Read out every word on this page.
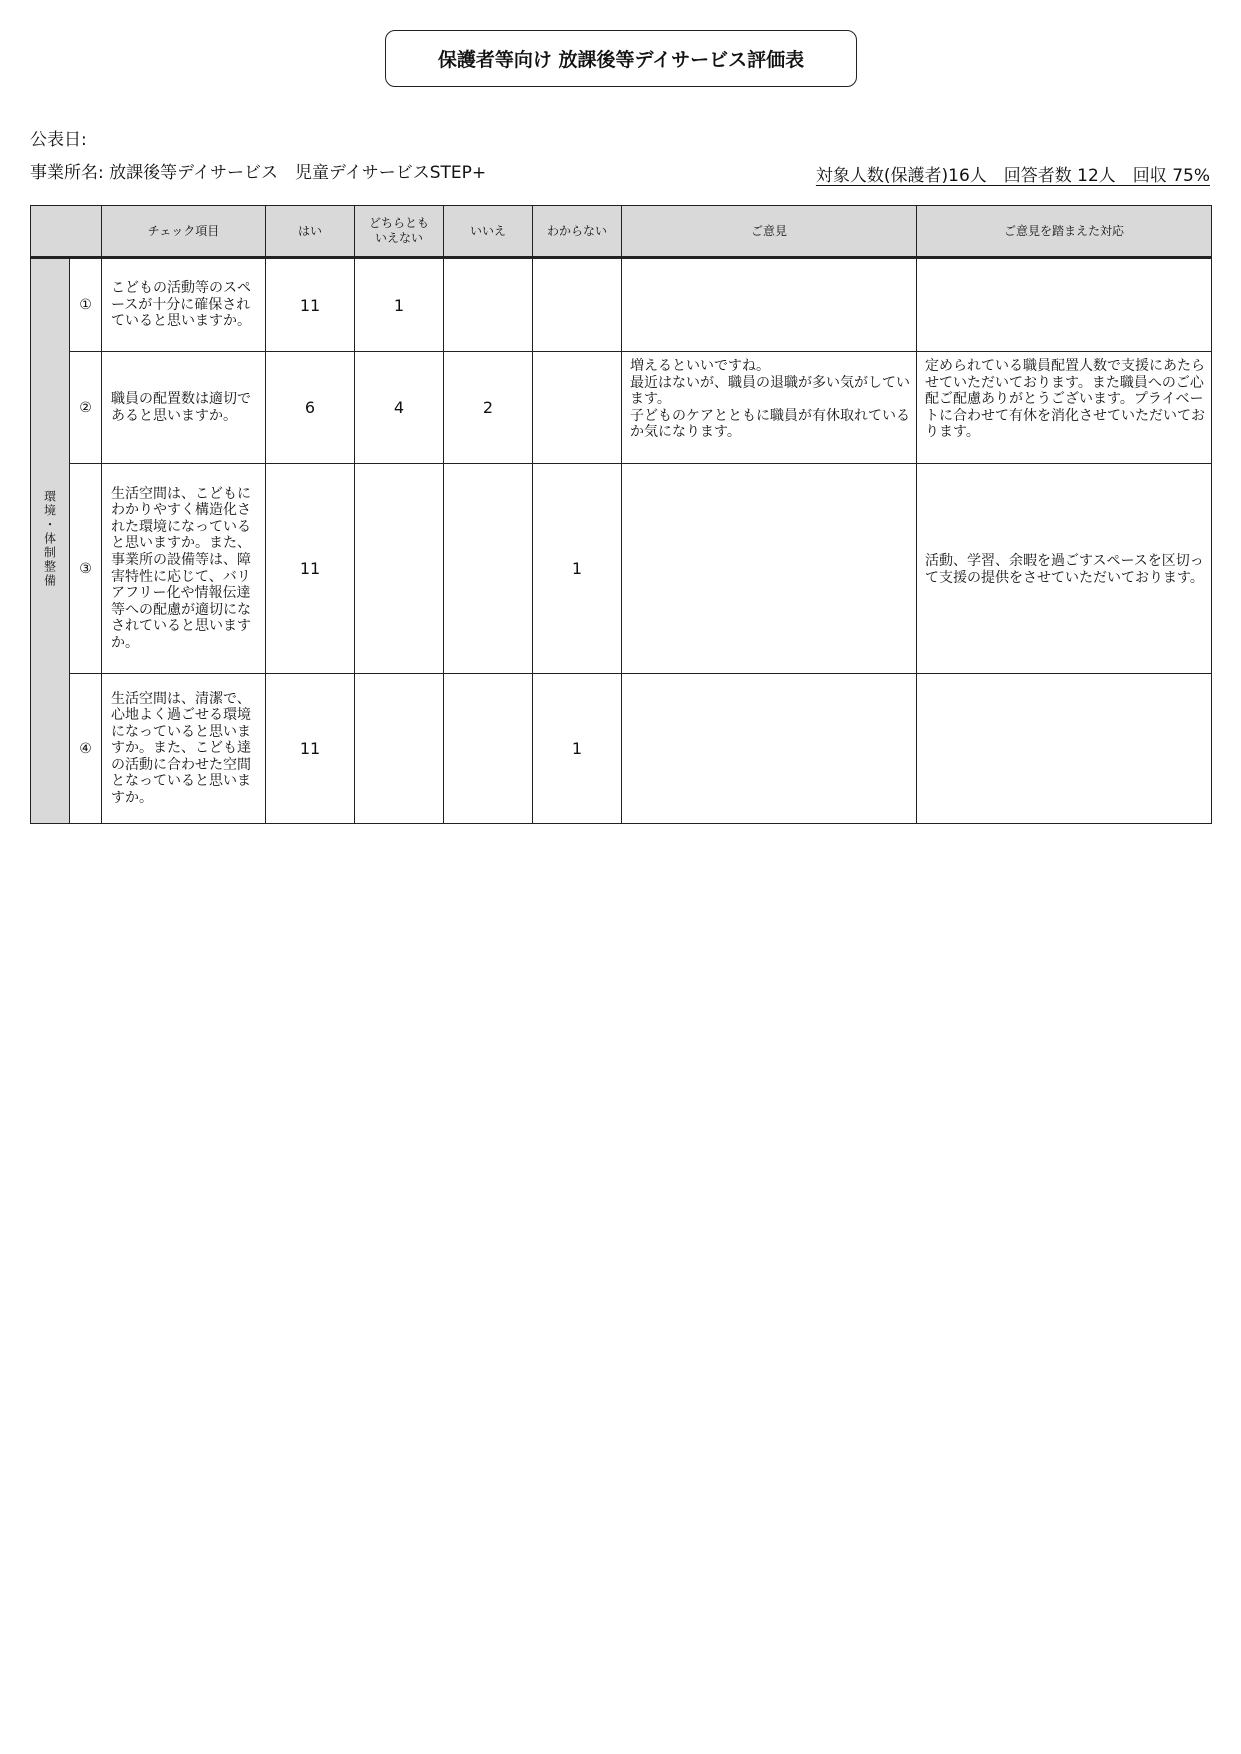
保護者等向け 放課後等デイサービス評価表
公表日:
事業所名: 放課後等デイサービス　児童デイサービスSTEP+	対象人数(保護者)16人　回答者数 12人　回収 75%
		チェック項目	はい	どちらとも
いえない	いいえ	わからない	ご意見	ご意見を踏まえた対応
環境・体制整備	①	こどもの活動等のスペースが十分に確保されていると思いますか。	11	1				
	②	職員の配置数は適切であると思いますか。	6	4	2		増えるといいですね。
最近はないが、職員の退職が多い気がしています。
子どものケアとともに職員が有休取れているか気になります。	定められている職員配置人数で支援にあたらせていただいております。また職員へのご心配ご配慮ありがとうございます。プライベートに合わせて有休を消化させていただいております。
	③	生活空間は、こどもにわかりやすく構造化された環境になっていると思いますか。また、事業所の設備等は、障害特性に応じて、バリアフリー化や情報伝達等への配慮が適切になされていると思いますか。	11			1		活動、学習、余暇を過ごすスペースを区切って支援の提供をさせていただいております。
	④	生活空間は、清潔で、心地よく過ごせる環境になっていると思いますか。また、こども達の活動に合わせた空間となっていると思いますか。	11			1		
